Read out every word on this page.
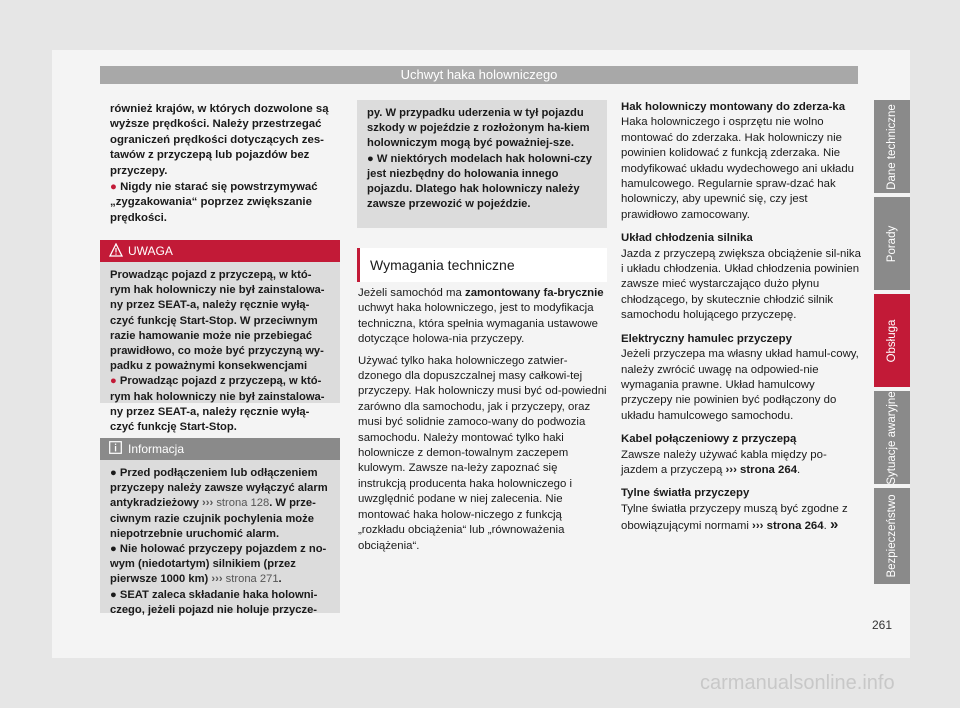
Uchwyt haka holowniczego

również krajów, w których dozwolone są wyższe prędkości. Należy przestrzegać ograniczeń prędkości dotyczących zes-tawów z przyczepą lub pojazdów bez przyczepy.

● Nigdy nie starać się powstrzymywać „zygzakowania“ poprzez zwiększanie prędkości.

UWAGA

Prowadząc pojazd z przyczepą, w któ-rym hak holowniczy nie był zainstalowa-ny przez SEAT-a, należy ręcznie wyłą-czyć funkcję Start-Stop. W przeciwnym razie hamowanie może nie przebiegać prawidłowo, co może być przyczyną wy-padku z poważnymi konsekwencjami

● Prowadząc pojazd z przyczepą, w któ-rym hak holowniczy nie był zainstalowa-ny przez SEAT-a, należy ręcznie wyłą-czyć funkcję Start-Stop.

Informacja

● Przed podłączeniem lub odłączeniem przyczepy należy zawsze wyłączyć alarm antykradzieżowy ››› strona 128. W prze-ciwnym razie czujnik pochylenia może niepotrzebnie uruchomić alarm.

● Nie holować przyczepy pojazdem z no-wym (niedotartym) silnikiem (przez pierwsze 1000 km) ››› strona 271.

● SEAT zaleca składanie haka holowni-czego, jeżeli pojazd nie holuje przycze-

py. W przypadku uderzenia w tył pojazdu szkody w pojeździe z rozłożonym ha-kiem holowniczym mogą być poważniej-sze.

● W niektórych modelach hak holowni-czy jest niezbędny do holowania innego pojazdu. Dlatego hak holowniczy należy zawsze przewozić w pojeździe.

Wymagania techniczne

Jeżeli samochód ma zamontowany fa-brycznie uchwyt haka holowniczego, jest to modyfikacja techniczna, która spełnia wymagania ustawowe dotyczące holowa-nia przyczepy.

Używać tylko haka holowniczego zatwier-dzonego dla dopuszczalnej masy całkowi-tej przyczepy. Hak holowniczy musi być od-powiedni zarówno dla samochodu, jak i przyczepy, oraz musi być solidnie zamoco-wany do podwozia samochodu. Należy montować tylko haki holownicze z demon-towalnym zaczepem kulowym. Zawsze na-leży zapoznać się instrukcją producenta haka holowniczego i uwzględnić podane w niej zalecenia. Nie montować haka holow-niczego z funkcją „rozkładu obciążenia“ lub „równoważenia obciążenia“.

Hak holowniczy montowany do zderza-ka

Haka holowniczego i osprzętu nie wolno montować do zderzaka. Hak holowniczy nie powinien kolidować z funkcją zderzaka. Nie modyfikować układu wydechowego ani układu hamulcowego. Regularnie spraw-dzać hak holowniczy, aby upewnić się, czy jest prawidłowo zamocowany.

Układ chłodzenia silnika

Jazda z przyczepą zwiększa obciążenie sil-nika i układu chłodzenia. Układ chłodzenia powinien zawsze mieć wystarczająco dużo płynu chłodzącego, by skutecznie chłodzić silnik samochodu holującego przyczepę.

Elektryczny hamulec przyczepy

Jeżeli przyczepa ma własny układ hamul-cowy, należy zwrócić uwagę na odpowied-nie wymagania prawne. Układ hamulcowy przyczepy nie powinien być podłączony do układu hamulcowego samochodu.

Kabel połączeniowy z przyczepą

Zawsze należy używać kabla między po-jazdem a przyczepą ››› strona 264.

Tylne światła przyczepy

Tylne światła przyczepy muszą być zgodne z obowiązującymi normami ››› strona 264. »

Dane techniczne
Porady
Obsługa
Sytuacje awaryjne
Bezpieczeństwo
261
carmanualsonline.info
